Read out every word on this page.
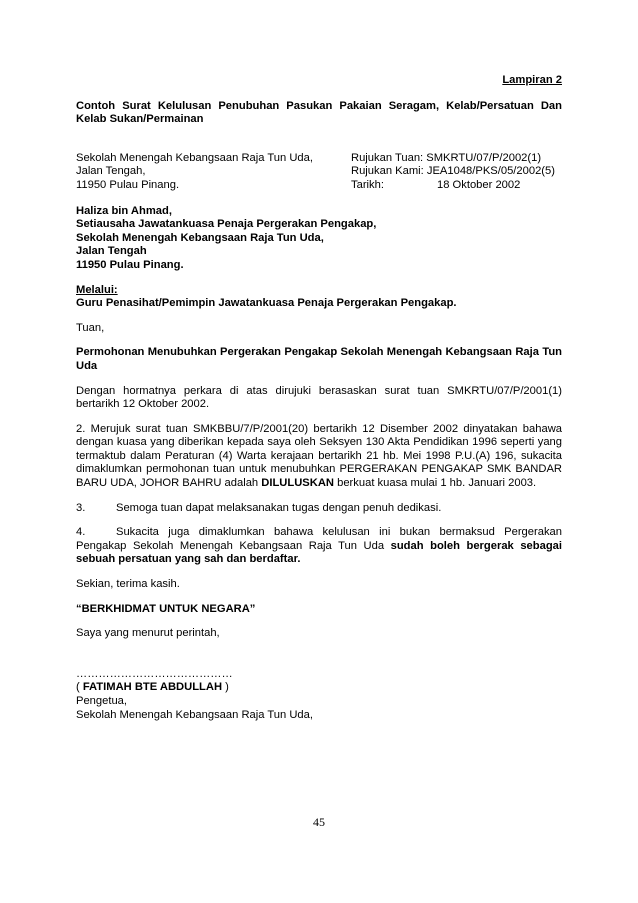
Lampiran 2

Contoh Surat Kelulusan Penubuhan Pasukan Pakaian Seragam, Kelab/Persatuan Dan Kelab Sukan/Permainan

Sekolah Menengah Kebangsaan Raja Tun Uda,

Jalan Tengah,

11950 Pulau Pinang.

Rujukan Tuan: SMKRTU/07/P/2002(1)

Rujukan Kami: JEA1048/PKS/05/2002(5)

Tarikh:	18 Oktober 2002

Haliza bin Ahmad,

Setiausaha Jawatankuasa Penaja Pergerakan Pengakap,

Sekolah Menengah Kebangsaan Raja Tun Uda,

Jalan Tengah

11950 Pulau Pinang.

Melalui:

Guru Penasihat/Pemimpin Jawatankuasa Penaja Pergerakan Pengakap.

Tuan,

Permohonan Menubuhkan Pergerakan Pengakap Sekolah Menengah Kebangsaan Raja Tun Uda

Dengan hormatnya perkara di atas dirujuki berasaskan surat tuan SMKRTU/07/P/2001(1) bertarikh 12 Oktober 2002.

2. Merujuk surat tuan SMKBBU/7/P/2001(20) bertarikh 12 Disember 2002 dinyatakan bahawa dengan kuasa yang diberikan kepada saya oleh Seksyen 130 Akta Pendidikan 1996 seperti yang termaktub dalam Peraturan (4) Warta kerajaan bertarikh 21 hb. Mei 1998 P.U.(A) 196, sukacita dimaklumkan permohonan tuan untuk menubuhkan PERGERAKAN PENGAKAP SMK BANDAR BARU UDA, JOHOR BAHRU adalah DILULUSKAN berkuat kuasa mulai 1 hb. Januari 2003.

3.	Semoga tuan dapat melaksanakan tugas dengan penuh dedikasi.

4.	Sukacita juga dimaklumkan bahawa kelulusan ini bukan bermaksud Pergerakan Pengakap Sekolah Menengah Kebangsaan Raja Tun Uda sudah boleh bergerak sebagai sebuah persatuan yang sah dan berdaftar.

Sekian, terima kasih.

“BERKHIDMAT UNTUK NEGARA”

Saya yang menurut perintah,

……………………………………

( FATIMAH BTE ABDULLAH )

Pengetua,

Sekolah Menengah Kebangsaan Raja Tun Uda,

45
